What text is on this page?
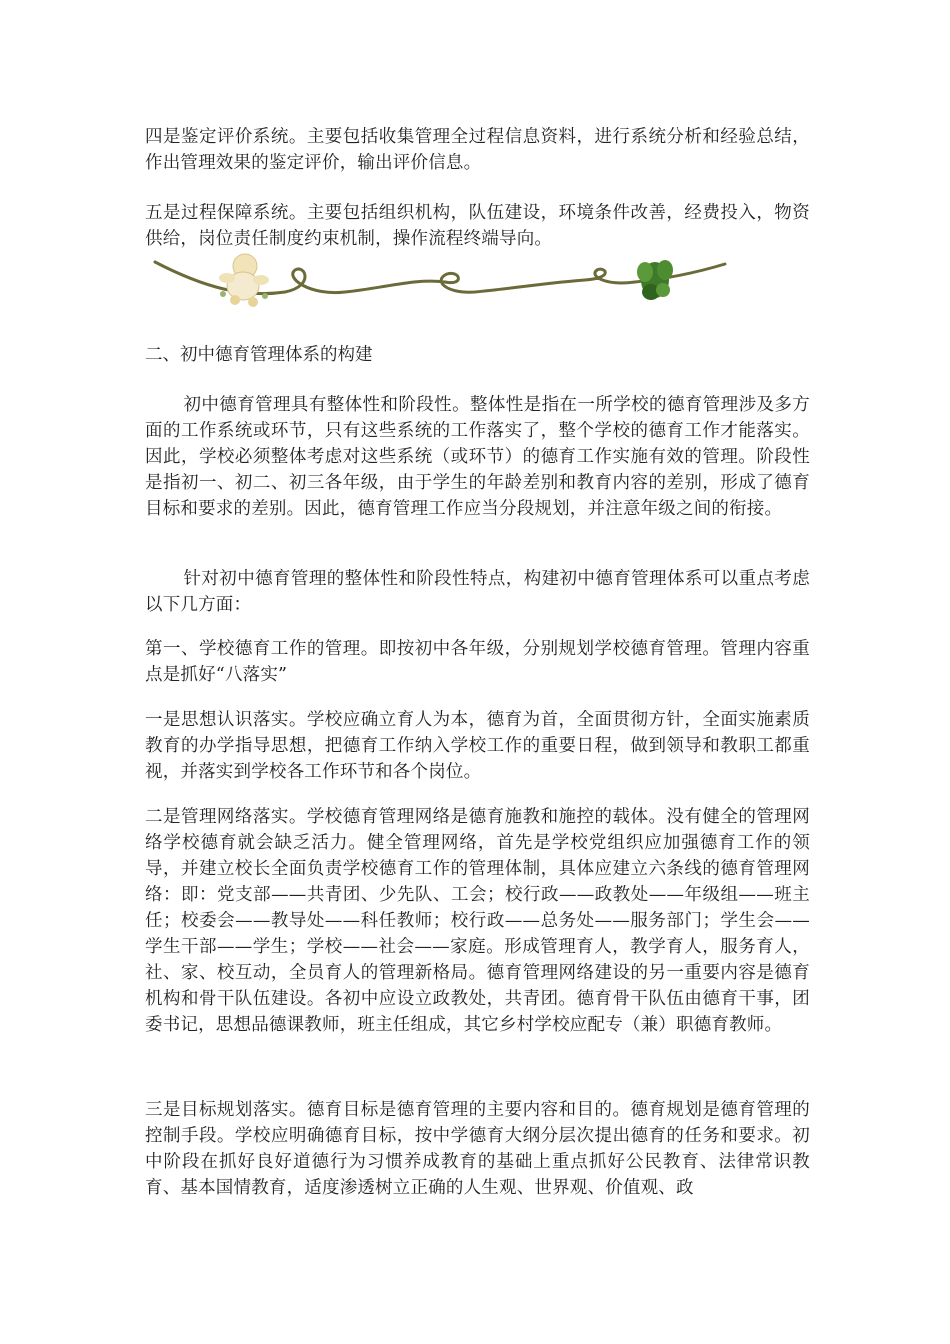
四是鉴定评价系统。主要包括收集管理全过程信息资料，进行系统分析和经验总结，作出管理效果的鉴定评价，输出评价信息。

五是过程保障系统。主要包括组织机构，队伍建设，环境条件改善，经费投入，物资供给，岗位责任制度约束机制，操作流程终端导向。

二、初中德育管理体系的构建

初中德育管理具有整体性和阶段性。整体性是指在一所学校的德育管理涉及多方面的工作系统或环节，只有这些系统的工作落实了，整个学校的德育工作才能落实。因此，学校必须整体考虑对这些系统（或环节）的德育工作实施有效的管理。阶段性是指初一、初二、初三各年级，由于学生的年龄差别和教育内容的差别，形成了德育目标和要求的差别。因此，德育管理工作应当分段规划，并注意年级之间的衔接。

针对初中德育管理的整体性和阶段性特点，构建初中德育管理体系可以重点考虑以下几方面：

第一、学校德育工作的管理。即按初中各年级，分别规划学校德育管理。管理内容重点是抓好“八落实”

一是思想认识落实。学校应确立育人为本，德育为首，全面贯彻方针，全面实施素质教育的办学指导思想，把德育工作纳入学校工作的重要日程，做到领导和教职工都重视，并落实到学校各工作环节和各个岗位。

二是管理网络落实。学校德育管理网络是德育施教和施控的载体。没有健全的管理网络学校德育就会缺乏活力。健全管理网络，首先是学校党组织应加强德育工作的领导，并建立校长全面负责学校德育工作的管理体制，具体应建立六条线的德育管理网络：即：党支部——共青团、少先队、工会；校行政——政教处——年级组——班主任；校委会——教导处——科任教师；校行政——总务处——服务部门；学生会——学生干部——学生；学校——社会——家庭。形成管理育人，教学育人，服务育人，社、家、校互动，全员育人的管理新格局。德育管理网络建设的另一重要内容是德育机构和骨干队伍建设。各初中应设立政教处，共青团。德育骨干队伍由德育干事，团委书记，思想品德课教师，班主任组成，其它乡村学校应配专（兼）职德育教师。

三是目标规划落实。德育目标是德育管理的主要内容和目的。德育规划是德育管理的控制手段。学校应明确德育目标，按中学德育大纲分层次提出德育的任务和要求。初中阶段在抓好良好道德行为习惯养成教育的基础上重点抓好公民教育、法律常识教育、基本国情教育，适度渗透树立正确的人生观、世界观、价值观、政
